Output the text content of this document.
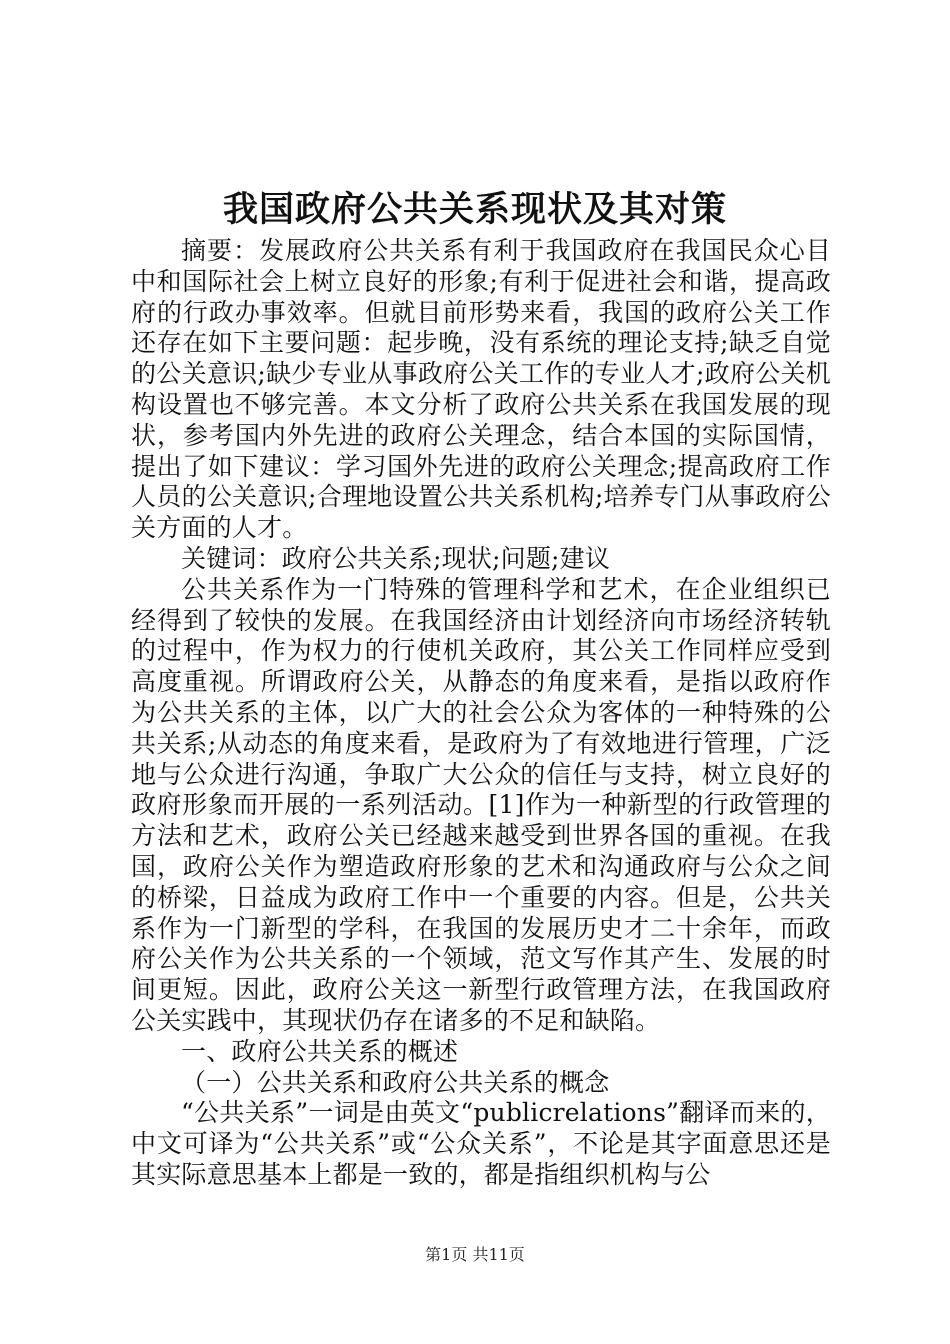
我国政府公共关系现状及其对策

摘要：发展政府公共关系有利于我国政府在我国民众心目中和国际社会上树立良好的形象;有利于促进社会和谐，提高政府的行政办事效率。但就目前形势来看，我国的政府公关工作还存在如下主要问题：起步晚，没有系统的理论支持;缺乏自觉的公关意识;缺少专业从事政府公关工作的专业人才;政府公关机构设置也不够完善。本文分析了政府公共关系在我国发展的现状，参考国内外先进的政府公关理念，结合本国的实际国情，提出了如下建议：学习国外先进的政府公关理念;提高政府工作人员的公关意识;合理地设置公共关系机构;培养专门从事政府公关方面的人才。

关键词：政府公共关系;现状;问题;建议

公共关系作为一门特殊的管理科学和艺术，在企业组织已经得到了较快的发展。在我国经济由计划经济向市场经济转轨的过程中，作为权力的行使机关政府，其公关工作同样应受到高度重视。所谓政府公关，从静态的角度来看，是指以政府作为公共关系的主体，以广大的社会公众为客体的一种特殊的公共关系;从动态的角度来看，是政府为了有效地进行管理，广泛地与公众进行沟通，争取广大公众的信任与支持，树立良好的政府形象而开展的一系列活动。[1]作为一种新型的行政管理的方法和艺术，政府公关已经越来越受到世界各国的重视。在我国，政府公关作为塑造政府形象的艺术和沟通政府与公众之间的桥梁，日益成为政府工作中一个重要的内容。但是，公共关系作为一门新型的学科，在我国的发展历史才二十余年，而政府公关作为公共关系的一个领域，范文写作其产生、发展的时间更短。因此，政府公关这一新型行政管理方法，在我国政府公关实践中，其现状仍存在诸多的不足和缺陷。

一、政府公共关系的概述

（一）公共关系和政府公共关系的概念

“公共关系”一词是由英文“publicrelations”翻译而来的，中文可译为“公共关系”或“公众关系”，不论是其字面意思还是其实际意思基本上都是一致的，都是指组织机构与公

第1页 共11页
